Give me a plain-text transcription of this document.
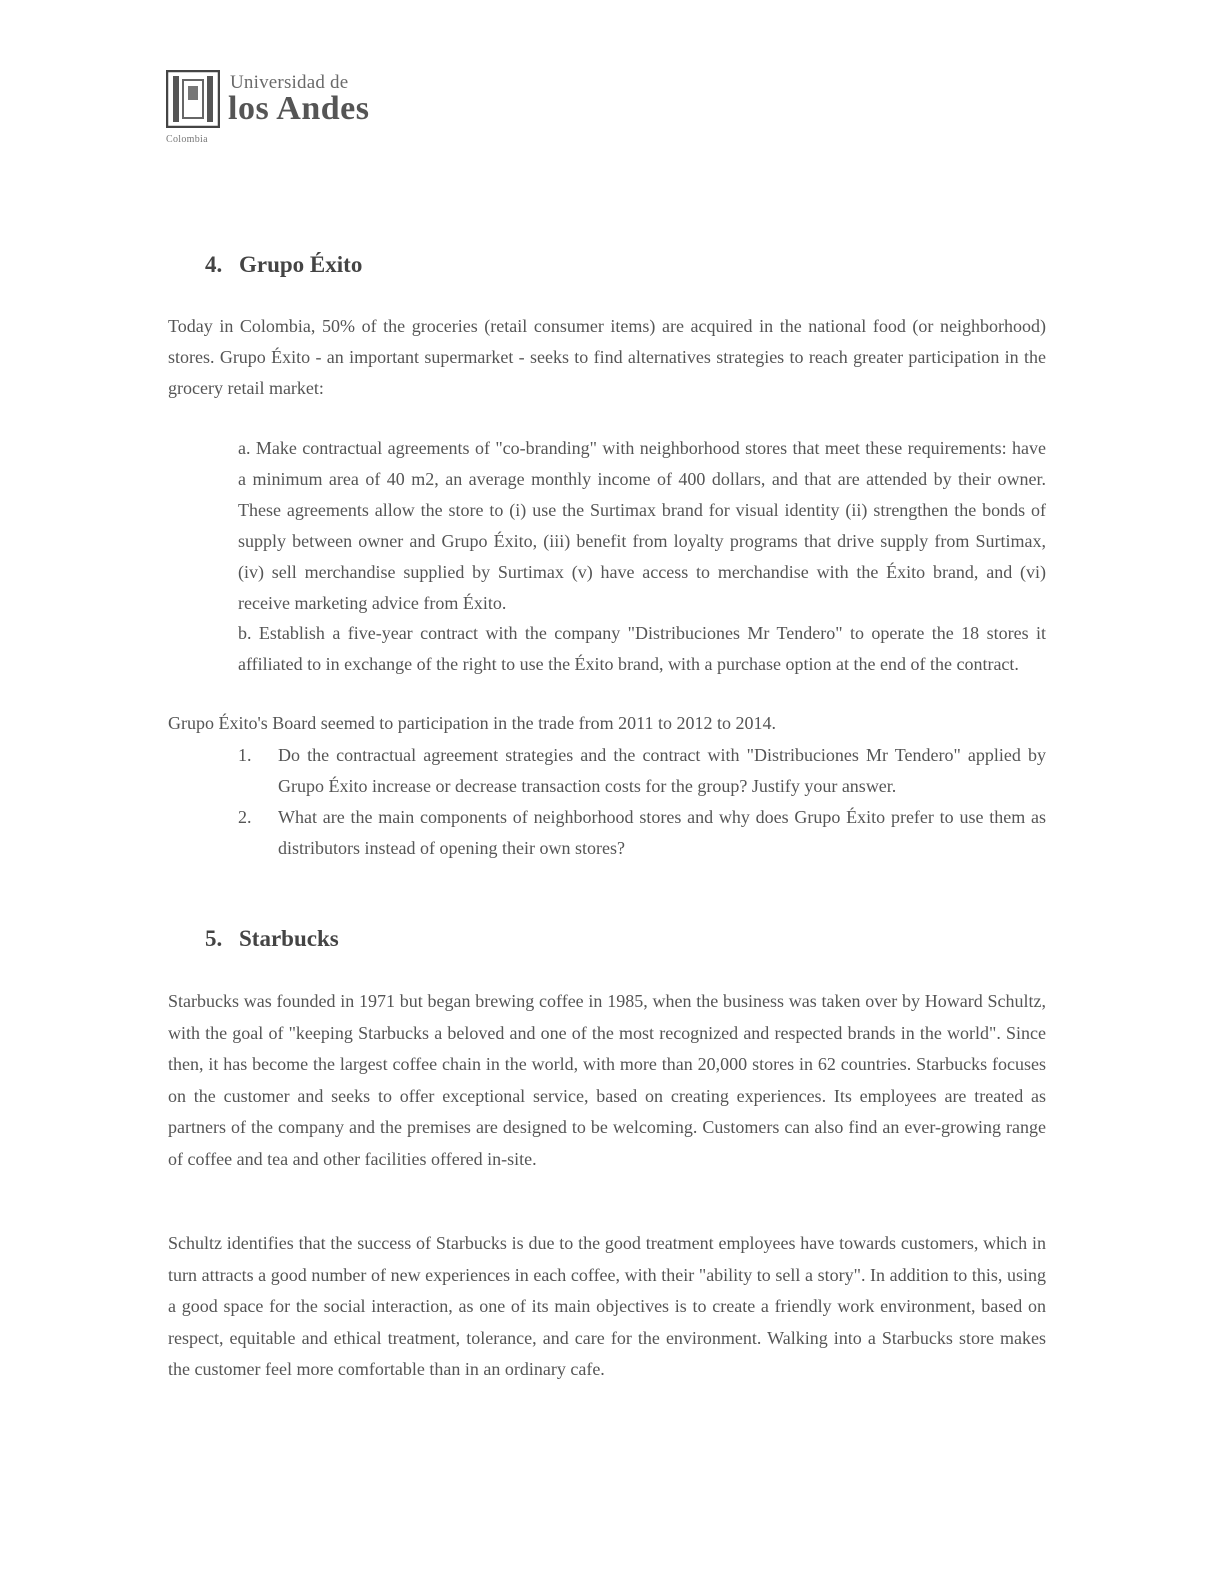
Universidad de
los Andes
Colombia
4. Grupo Éxito
Today in Colombia, 50% of the groceries (retail consumer items) are acquired in the national food (or neighborhood) stores. Grupo Éxito - an important supermarket - seeks to find alternatives strategies to reach greater participation in the grocery retail market:
a. Make contractual agreements of "co-branding" with neighborhood stores that meet these requirements: have a minimum area of 40 m2, an average monthly income of 400 dollars, and that are attended by their owner. These agreements allow the store to (i) use the Surtimax brand for visual identity (ii) strengthen the bonds of supply between owner and Grupo Éxito, (iii) benefit from loyalty programs that drive supply from Surtimax, (iv) sell merchandise supplied by Surtimax (v) have access to merchandise with the Éxito brand, and (vi) receive marketing advice from Éxito.
b. Establish a five-year contract with the company "Distribuciones Mr Tendero" to operate the 18 stores it affiliated to in exchange of the right to use the Éxito brand, with a purchase option at the end of the contract.
Grupo Éxito's Board seemed to participation in the trade from 2011 to 2012 to 2014.
1. Do the contractual agreement strategies and the contract with "Distribuciones Mr Tendero" applied by Grupo Éxito increase or decrease transaction costs for the group? Justify your answer.
2. What are the main components of neighborhood stores and why does Grupo Éxito prefer to use them as distributors instead of opening their own stores?
5. Starbucks
Starbucks was founded in 1971 but began brewing coffee in 1985, when the business was taken over by Howard Schultz, with the goal of "keeping Starbucks a beloved and one of the most recognized and respected brands in the world". Since then, it has become the largest coffee chain in the world, with more than 20,000 stores in 62 countries. Starbucks focuses on the customer and seeks to offer exceptional service, based on creating experiences. Its employees are treated as partners of the company and the premises are designed to be welcoming. Customers can also find an ever-growing range of coffee and tea and other facilities offered in-site.
Schultz identifies that the success of Starbucks is due to the good treatment employees have towards customers, which in turn attracts a good number of new experiences in each coffee, with their "ability to sell a story". In addition to this, using a good space for the social interaction, as one of its main objectives is to create a friendly work environment, based on respect, equitable and ethical treatment, tolerance, and care for the environment. Walking into a Starbucks store makes the customer feel more comfortable than in an ordinary cafe.
